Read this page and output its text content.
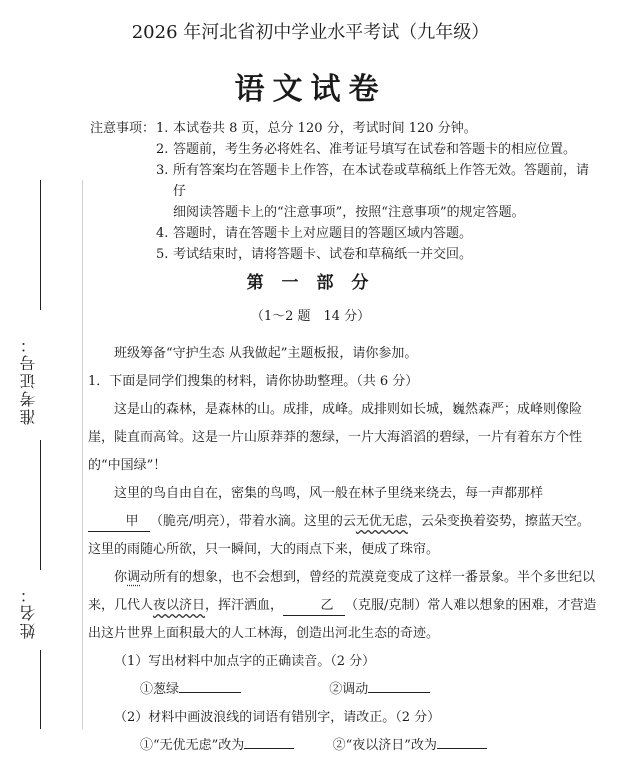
准考证号：
姓名：
2026 年河北省初中学业水平考试（九年级）
语文试卷
注意事项： 1. 本试卷共 8 页，总分 120 分，考试时间 120 分钟。
2. 答题前，考生务必将姓名、准考证号填写在试卷和答题卡的相应位置。
3. 所有答案均在答题卡上作答，在本试卷或草稿纸上作答无效。答题前，请仔
细阅读答题卡上的“注意事项”，按照“注意事项”的规定答题。
4. 答题时，请在答题卡上对应题目的答题区域内答题。
5. 考试结束时，请将答题卡、试卷和草稿纸一并交回。
第 一 部 分
（1～2 题　14 分）
班级筹备“守护生态 从我做起”主题板报，请你参加。
1．下面是同学们搜集的材料，请你协助整理。（共 6 分）
这是山的森林，是森林的山。成排，成峰。成排则如长城，巍然森严；成峰则像险崖，陡直而高耸。这是一片山原莽莽的葱绿，一片大海滔滔的碧绿，一片有着东方个性的“中国绿”！
这里的鸟自由自在，密集的鸟鸣，风一般在林子里绕来绕去，每一声都那样甲 （脆亮/明亮），带着水滴。这里的云无优无虑，云朵变换着姿势，擦蓝天空。这里的雨随心所欲，只一瞬间，大的雨点下来，便成了珠帘。
你调动所有的想象，也不会想到，曾经的荒漠竟变成了这样一番景象。半个多世纪以来，几代人夜以济日，挥汗洒血，	乙 （克服/克制）常人难以想象的困难，才营造出这片世界上面积最大的人工林海，创造出河北生态的奇迹。
（1）写出材料中加点字的正确读音。（2 分）
①葱绿	②调动
（2）材料中画波浪线的词语有错别字，请改正。（2 分）
①“无优无虑”改为	②“夜以济日”改为
